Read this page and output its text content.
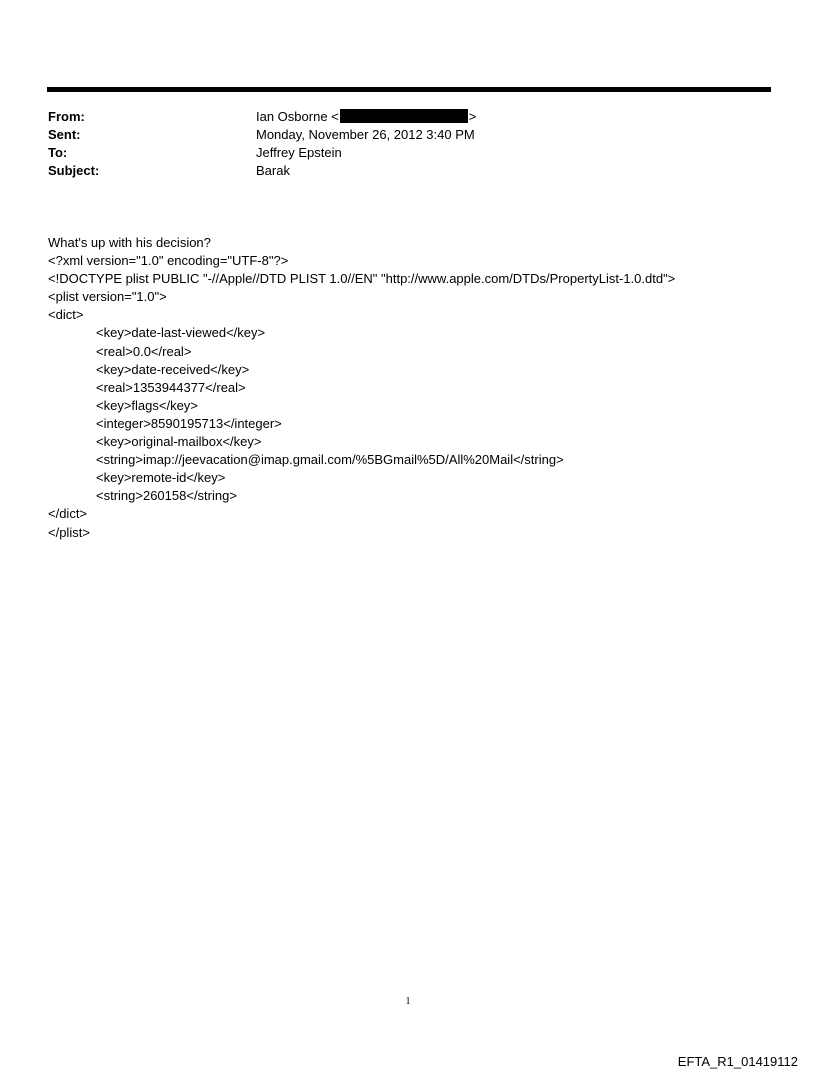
From:	Ian Osborne <	>
Sent:	Monday, November 26, 2012 3:40 PM
To:	Jeffrey Epstein
Subject:	Barak
What's up with his decision?
<?xml version="1.0" encoding="UTF-8"?>
<!DOCTYPE plist PUBLIC "-//Apple//DTD PLIST 1.0//EN" "http://www.apple.com/DTDs/PropertyList-1.0.dtd">
<plist version="1.0">
<dict>
<key>date-last-viewed</key>
<real>0.0</real>
<key>date-received</key>
<real>1353944377</real>
<key>flags</key>
<integer>8590195713</integer>
<key>original-mailbox</key>
<string>imap://jeevacation@imap.gmail.com/%5BGmail%5D/All%20Mail</string>
<key>remote-id</key>
<string>260158</string>
</dict>
</plist>
1
EFTA_R1_01419112
